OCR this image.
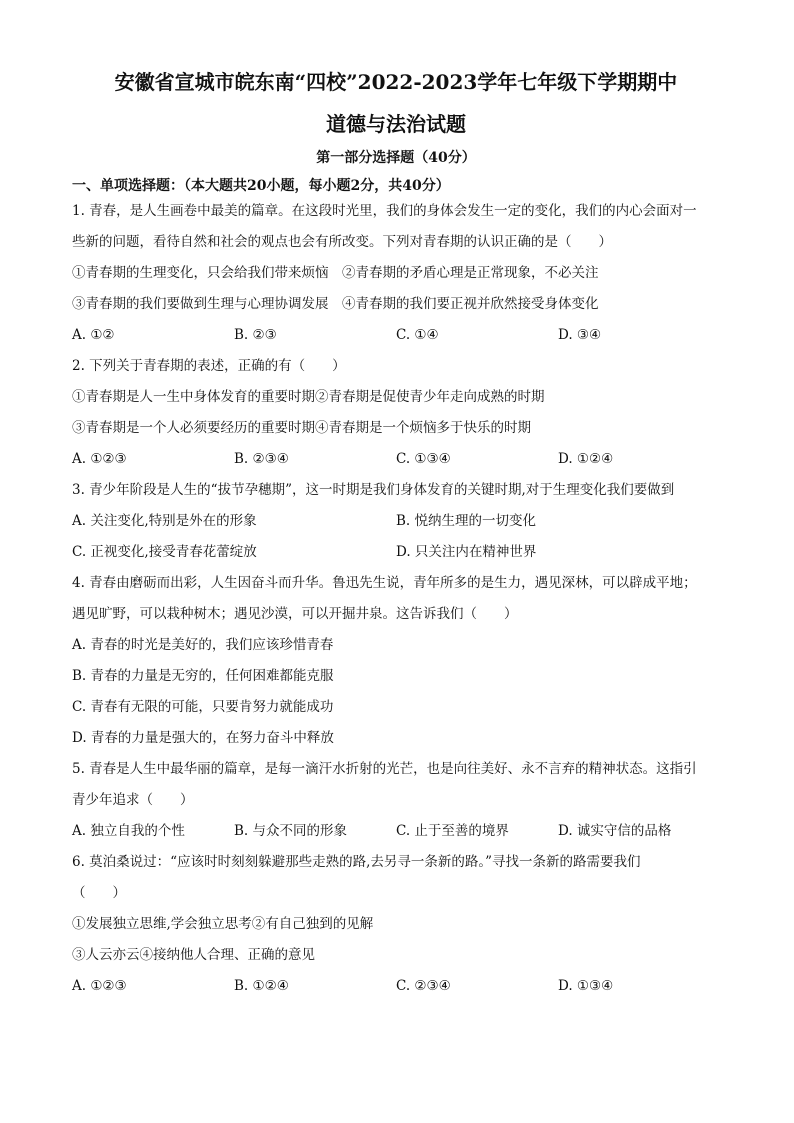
安徽省宣城市皖东南“四校”2022-2023学年七年级下学期期中
道德与法治试题
第一部分选择题（40分）
一、单项选择题：（本大题共20小题，每小题2分，共40分）
1. 青春，是人生画卷中最美的篇章。在这段时光里，我们的身体会发生一定的变化，我们的内心会面对一
些新的问题，看待自然和社会的观点也会有所改变。下列对青春期的认识正确的是（　　）
①青春期的生理变化，只会给我们带来烦恼　②青春期的矛盾心理是正常现象，不必关注
③青春期的我们要做到生理与心理协调发展　④青春期的我们要正视并欣然接受身体变化
A. ①②	B. ②③	C. ①④	D. ③④
2. 下列关于青春期的表述，正确的有（　　）
①青春期是人一生中身体发育的重要时期②青春期是促使青少年走向成熟的时期
③青春期是一个人必须要经历的重要时期④青春期是一个烦恼多于快乐的时期
A. ①②③	B. ②③④	C. ①③④	D. ①②④
3. 青少年阶段是人生的“拔节孕穗期”，这一时期是我们身体发育的关键时期,对于生理变化我们要做到
A. 关注变化,特别是外在的形象	B. 悦纳生理的一切变化
C. 正视变化,接受青春花蕾绽放	D. 只关注内在精神世界
4. 青春由磨砺而出彩，人生因奋斗而升华。鲁迅先生说，青年所多的是生力，遇见深林，可以辟成平地；
遇见旷野，可以栽种树木；遇见沙漠，可以开掘井泉。这告诉我们（　　）
A. 青春的时光是美好的，我们应该珍惜青春
B. 青春的力量是无穷的，任何困难都能克服
C. 青春有无限的可能，只要肯努力就能成功
D. 青春的力量是强大的，在努力奋斗中释放
5. 青春是人生中最华丽的篇章，是每一滴汗水折射的光芒，也是向往美好、永不言弃的精神状态。这指引
青少年追求（　　）
A. 独立自我的个性	B. 与众不同的形象	C. 止于至善的境界	D. 诚实守信的品格
6. 莫泊桑说过：“应该时时刻刻躲避那些走熟的路,去另寻一条新的路。”寻找一条新的路需要我们
（　　）
①发展独立思维,学会独立思考②有自己独到的见解
③人云亦云④接纳他人合理、正确的意见
A. ①②③	B. ①②④	C. ②③④	D. ①③④
